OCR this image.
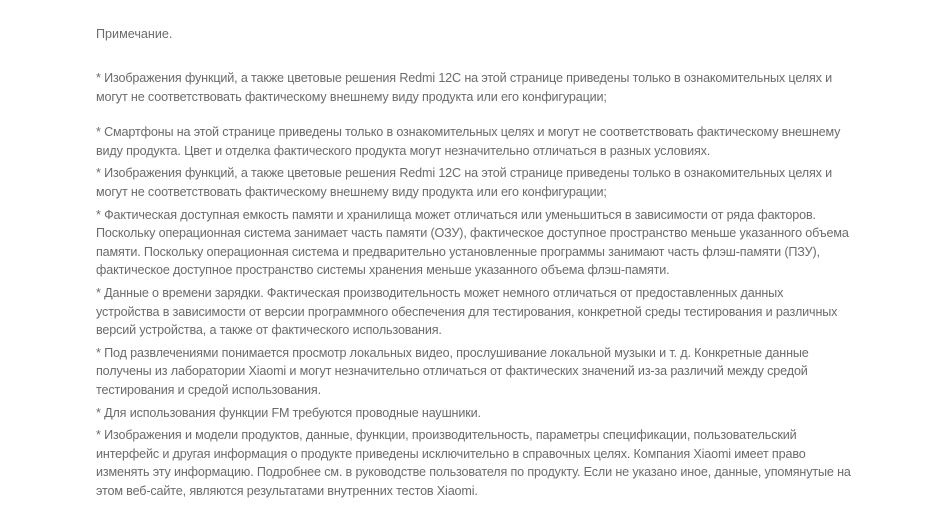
Примечание.
* Изображения функций, а также цветовые решения Redmi 12C на этой странице приведены только в ознакомительных целях и
могут не соответствовать фактическому внешнему виду продукта или его конфигурации;
* Смартфоны на этой странице приведены только в ознакомительных целях и могут не соответствовать фактическому внешнему
виду продукта. Цвет и отделка фактического продукта могут незначительно отличаться в разных условиях.
* Изображения функций, а также цветовые решения Redmi 12C на этой странице приведены только в ознакомительных целях и
могут не соответствовать фактическому внешнему виду продукта или его конфигурации;
* Фактическая доступная емкость памяти и хранилища может отличаться или уменьшиться в зависимости от ряда факторов.
Поскольку операционная система занимает часть памяти (ОЗУ), фактическое доступное пространство меньше указанного объема
памяти. Поскольку операционная система и предварительно установленные программы занимают часть флэш-памяти (ПЗУ),
фактическое доступное пространство системы хранения меньше указанного объема флэш-памяти.
* Данные о времени зарядки. Фактическая производительность может немного отличаться от предоставленных данных
устройства в зависимости от версии программного обеспечения для тестирования, конкретной среды тестирования и различных
версий устройства, а также от фактического использования.
* Под развлечениями понимается просмотр локальных видео, прослушивание локальной музыки и т. д. Конкретные данные
получены из лаборатории Xiaomi и могут незначительно отличаться от фактических значений из-за различий между средой
тестирования и средой использования.
* Для использования функции FM требуются проводные наушники.
* Изображения и модели продуктов, данные, функции, производительность, параметры спецификации, пользовательский
интерфейс и другая информация о продукте приведены исключительно в справочных целях. Компания Xiaomi имеет право
изменять эту информацию. Подробнее см. в руководстве пользователя по продукту. Если не указано иное, данные, упомянутые на
этом веб-сайте, являются результатами внутренних тестов Xiaomi.
